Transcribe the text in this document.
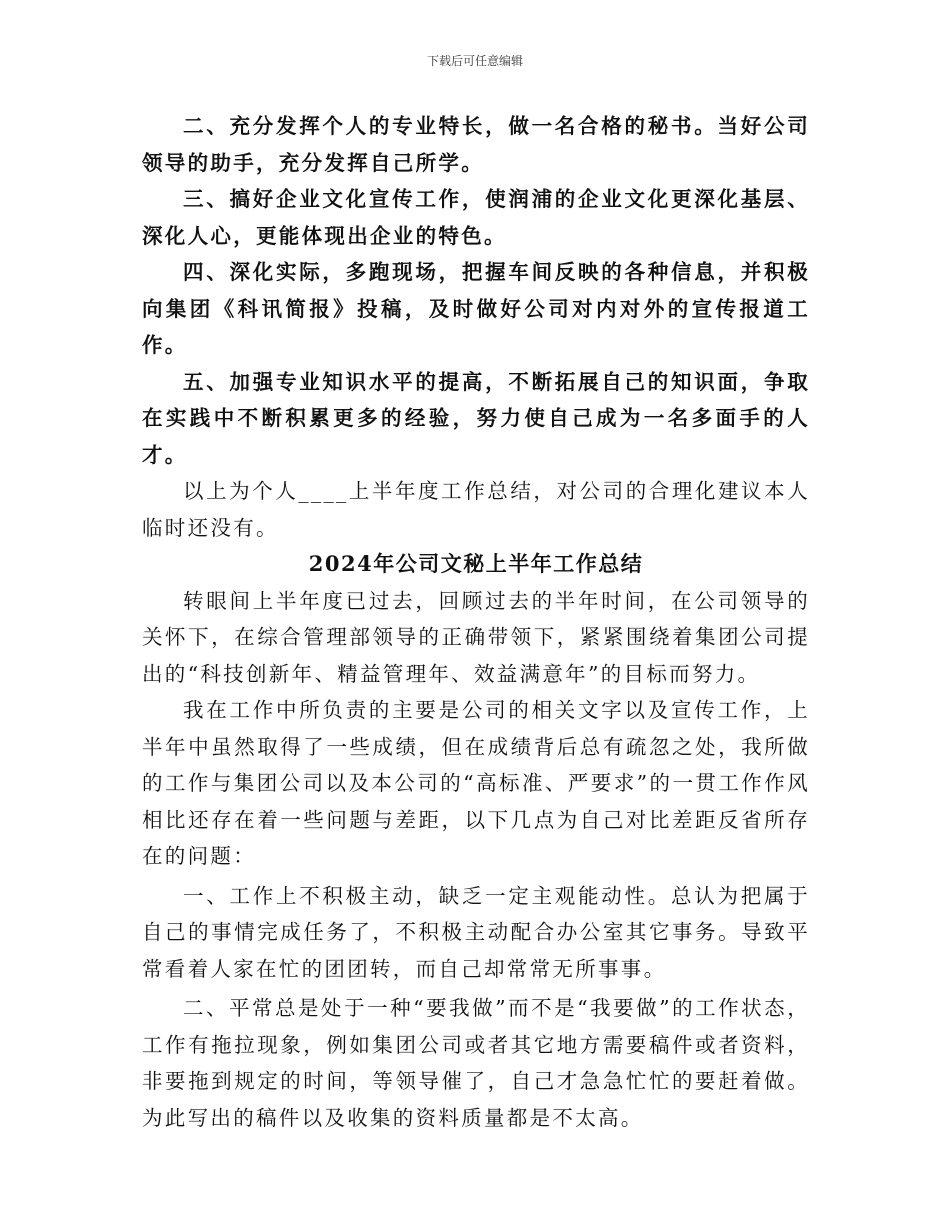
下载后可任意编辑

二、充分发挥个人的专业特长，做一名合格的秘书。当好公司领导的助手，充分发挥自己所学。

三、搞好企业文化宣传工作，使润浦的企业文化更深化基层、深化人心，更能体现出企业的特色。

四、深化实际，多跑现场，把握车间反映的各种信息，并积极向集团《科讯简报》投稿，及时做好公司对内对外的宣传报道工作。

五、加强专业知识水平的提高，不断拓展自己的知识面，争取在实践中不断积累更多的经验，努力使自己成为一名多面手的人才。

以上为个人____上半年度工作总结，对公司的合理化建议本人临时还没有。

2024年公司文秘上半年工作总结

转眼间上半年度已过去，回顾过去的半年时间，在公司领导的关怀下，在综合管理部领导的正确带领下，紧紧围绕着集团公司提出的“科技创新年、精益管理年、效益满意年”的目标而努力。

我在工作中所负责的主要是公司的相关文字以及宣传工作，上半年中虽然取得了一些成绩，但在成绩背后总有疏忽之处，我所做的工作与集团公司以及本公司的“高标准、严要求”的一贯工作作风相比还存在着一些问题与差距，以下几点为自己对比差距反省所存在的问题：

一、工作上不积极主动，缺乏一定主观能动性。总认为把属于自己的事情完成任务了，不积极主动配合办公室其它事务。导致平常看着人家在忙的团团转，而自己却常常无所事事。

二、平常总是处于一种“要我做”而不是“我要做”的工作状态，工作有拖拉现象，例如集团公司或者其它地方需要稿件或者资料，非要拖到规定的时间，等领导催了，自己才急急忙忙的要赶着做。为此写出的稿件以及收集的资料质量都是不太高。
